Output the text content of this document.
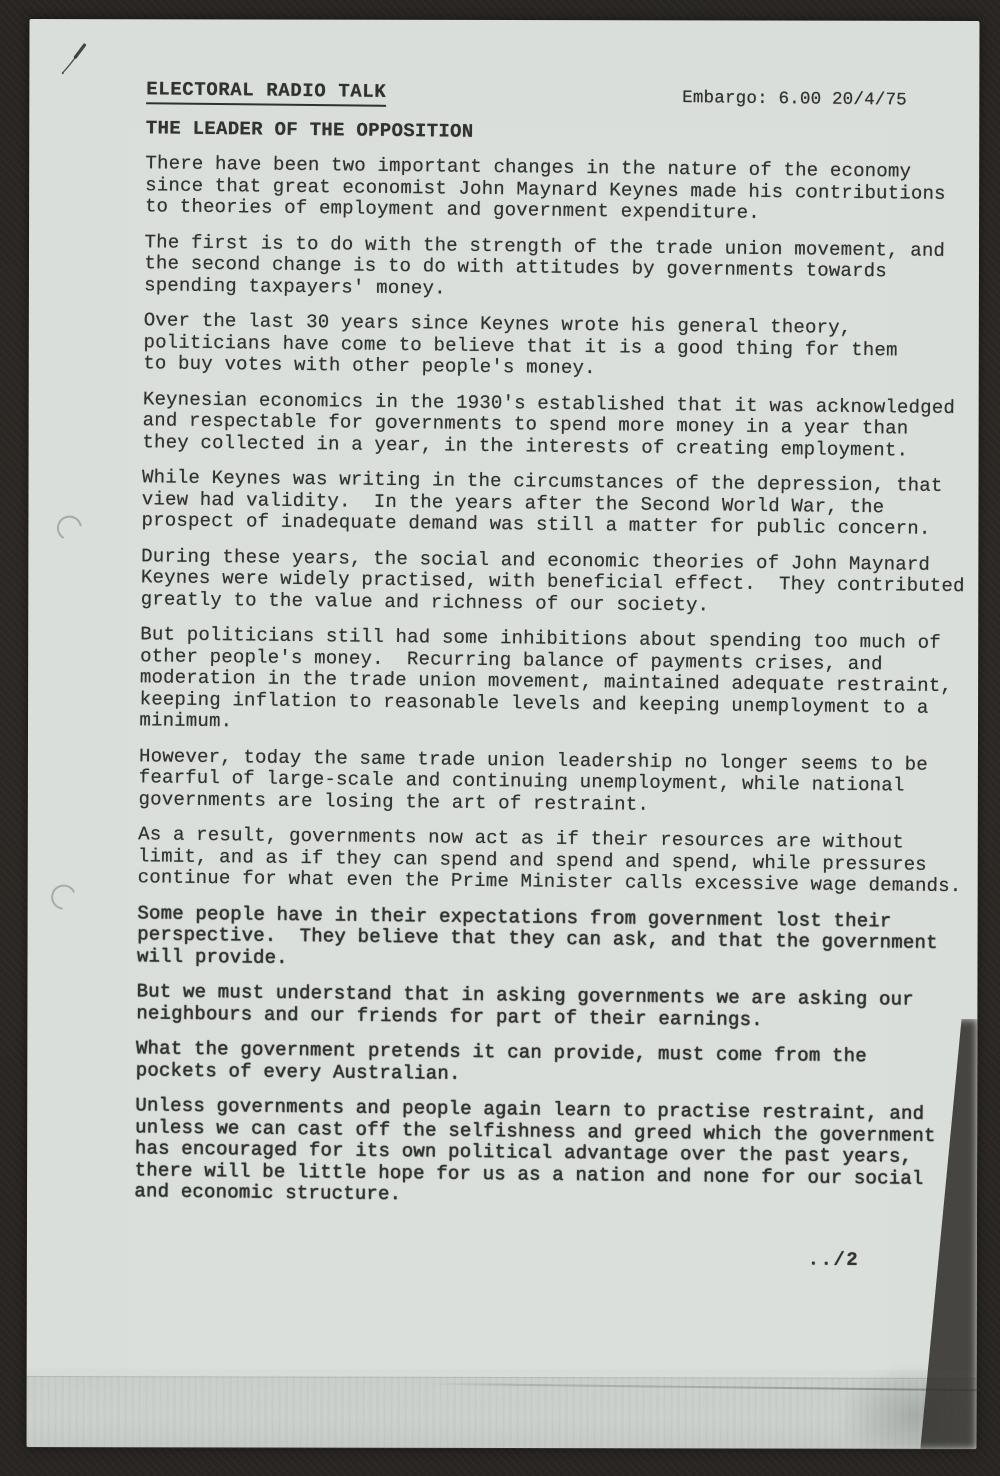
ELECTORAL RADIO TALK	Embargo: 6.00 20/4/75
THE LEADER OF THE OPPOSITION
There have been two important changes in the nature of the economy
since that great economist John Maynard Keynes made his contributions
to theories of employment and government expenditure.
The first is to do with the strength of the trade union movement, and
the second change is to do with attitudes by governments towards
spending taxpayers' money.
Over the last 30 years since Keynes wrote his general theory,
politicians have come to believe that it is a good thing for them
to buy votes with other people's money.
Keynesian economics in the 1930's established that it was acknowledged
and respectable for governments to spend more money in a year than
they collected in a year, in the interests of creating employment.
While Keynes was writing in the circumstances of the depression, that
view had validity.  In the years after the Second World War, the
prospect of inadequate demand was still a matter for public concern.
During these years, the social and economic theories of John Maynard
Keynes were widely practised, with beneficial effect.  They contributed
greatly to the value and richness of our society.
But politicians still had some inhibitions about spending too much of
other people's money.  Recurring balance of payments crises, and
moderation in the trade union movement, maintained adequate restraint,
keeping inflation to reasonable levels and keeping unemployment to a
minimum.
However, today the same trade union leadership no longer seems to be
fearful of large-scale and continuing unemployment, while national
governments are losing the art of restraint.
As a result, governments now act as if their resources are without
limit, and as if they can spend and spend and spend, while pressures
continue for what even the Prime Minister calls excessive wage demands.
Some people have in their expectations from government lost their
perspective.  They believe that they can ask, and that the government
will provide.
But we must understand that in asking governments we are asking our
neighbours and our friends for part of their earnings.
What the government pretends it can provide, must come from the
pockets of every Australian.
Unless governments and people again learn to practise restraint, and
unless we can cast off the selfishness and greed which the government
has encouraged for its own political advantage over the past years,
there will be little hope for us as a nation and none for our social
and economic structure.
../2
